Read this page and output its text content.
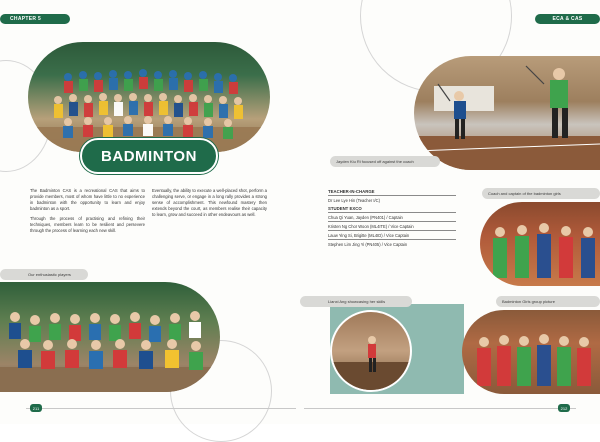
CHAPTER 5	ECA & CAS
BADMINTON
The Badminton CAS is a recreational CAS that aims to provide members, most of whom have little to no experience in badminton with the opportunity to learn and enjoy badminton as a sport.
Through the process of practising and refining their techniques, members learn to be resilient and persevere through the process of learning each new skill.
Eventually, the ability to execute a well-placed shot, perform a challenging serve, or engage in a long rally provides a strong sense of accomplishment. This newfound mastery then extends beyond the court, as members realise their capacity to learn, grow and succeed in other endeavours as well.
Our enthusiastic players
Jayden Kiu Ri focused off against the coach
TEACHER-IN-CHARGE
Dr Lee Lye Hin (Teacher I/C)
STUDENT EXCO
Chua Qi Yuan, Jayden (PN401) / Captain
Kristen Ng Chor Woon (ML4ITE) / Vice Captain
Lauw Ying Si, Brigitte (ML4ID) / Vice Captain
Stephen Lim Jing Yi (PN405) / Vice Captain
Coach and captain of the badminton girls
Lianxi Ang showcasing her skills	Badminton Girls group picture
211	212
